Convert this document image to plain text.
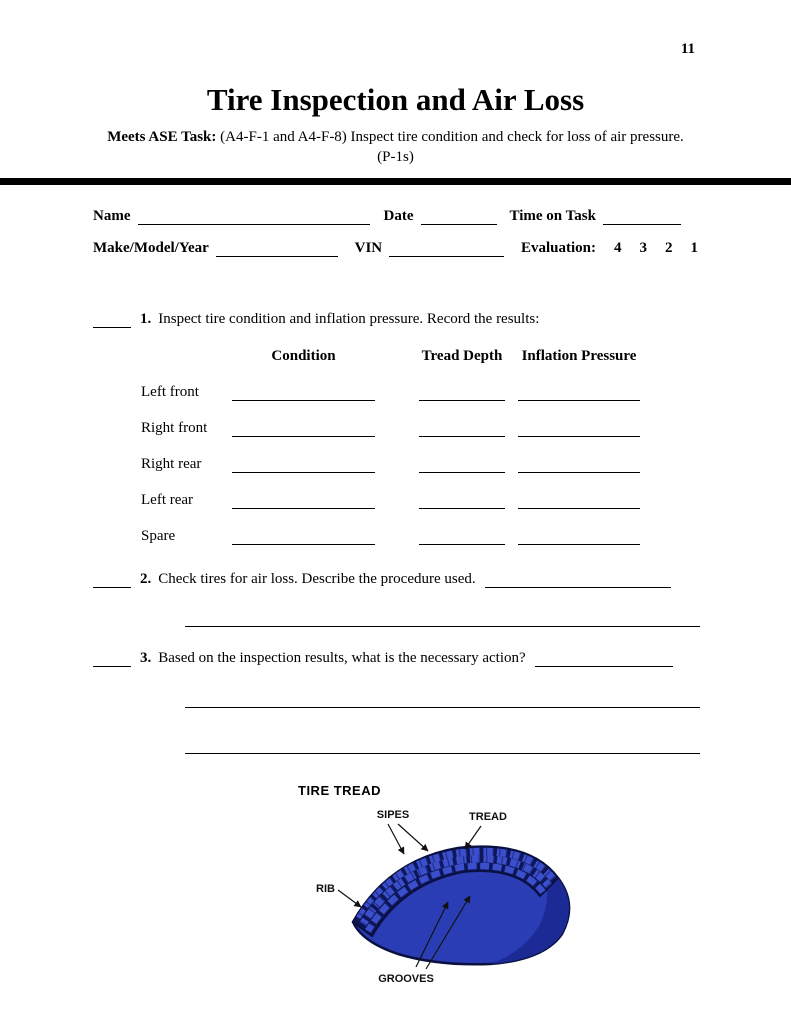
11
Tire Inspection and Air Loss

Meets ASE Task: (A4-F-1 and A4-F-8) Inspect tire condition and check for loss of air pressure. (P-1s)

Name	Date	Time on Task
Make/Model/Year	VIN	Evaluation: 4 3 2 1
1. Inspect tire condition and inflation pressure. Record the results:
Condition	Tread Depth Inflation Pressure
Left front
Right front
Right rear
Left rear
Spare
2. Check tires for air loss. Describe the procedure used.
3. Based on the inspection results, what is the necessary action?

TIRE TREAD
SIPES	TREAD
RIB
GROOVES
